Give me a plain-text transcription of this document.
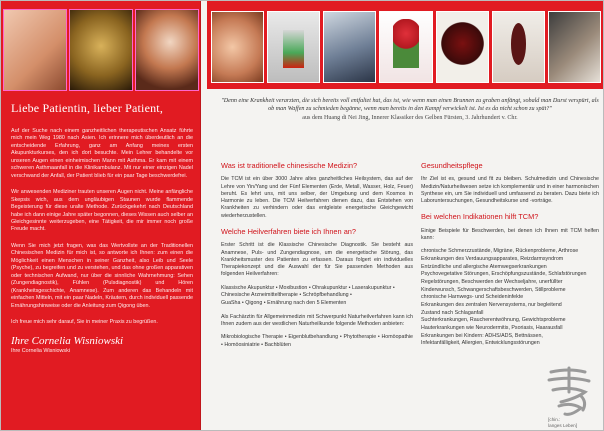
Liebe Patientin, lieber Patient,

Auf der Suche nach einem ganzheitlichen therapeutischen Ansatz führte mich mein Weg 1980 nach Asien. Ich erinnere mich überdeutlich an die entscheidende Erfahrung, ganz am Anfang meines ersten Akupunkturkurses, den ich dort besuchte. Mein Lehrer behandelte vor unseren Augen einen einheimischen Mann mit Asthma. Er kam mit einem schweren Asthmaanfall in die Klinikambulanz. Mit nur einer einzigen Nadel verschwand der Anfall, der Patient blieb für ein paar Tage beschwerdefrei.

Wir anwesenden Mediziner trauten unseren Augen nicht. Meine anfängliche Skepsis wich, aus dem ungläubigen Staunen wurde flammende Begeisterung für diese uralte Methode. Zurückgekehrt nach Deutschland habe ich dann einige Jahre später begonnen, dieses Wissen auch selber an Gleichgesinnte weiterzugeben, eine Tätigkeit, die mir immer noch große Freude macht.

Wenn Sie mich jetzt fragen, was das Wertvollste an der Traditionellen Chinesischen Medizin für mich ist, so antworte ich Ihnen: zum einen die Möglichkeit einen Menschen in seiner Ganzheit, also Leib und Seele (Psyche), zu begreifen und zu verstehen, und das ohne großen apparativen oder technischen Aufwand, nur über die sinnliche Wahrnehmung: Sehen (Zungendiagnostik), Fühlen (Pulsdiagnostik) und Hören (Krankheitsgeschichte, Anamnese). Zum anderen das Behandeln mit einfachen Mitteln, mit ein paar Nadeln, Kräutern, durch individuell passende Ernährungshinweise oder die Anleitung zum Qigong üben.

Ich freue mich sehr darauf, Sie in meiner Praxis zu begrüßen.

Ihre Cornelia Wisniowski
Ihre Cornelia Wisniowski
"Denn eine Krankheit verarzten, die sich bereits voll entfaltet hat, das ist, wie wenn man einen Brunnen zu graben anfängt, sobald man Durst verspürt, als ob man Waffen zu schmieden begänne, wenn man bereits in den Kampf verwickelt ist. Ist es da nicht schon zu spät?"
aus dem Huang di Nei Jing, Innerer Klassiker des Gelben Fürsten, 3. Jahrhundert v. Chr.
Was ist traditionelle chinesische Medizin?

Die TCM ist ein über 3000 Jahre altes ganzheitliches Heilsystem, das auf der Lehre von Yin/Yang und der Fünf Elementen (Erde, Metall, Wasser, Holz, Feuer) beruht. Es lehrt uns, mit uns selber, der Umgebung und dem Kosmos in Harmonie zu leben. Die TCM Heilverfahren dienen dazu, das Entstehen von Krankheiten zu verhindern oder das entgleiste energetische Gleichgewicht wiederherzustellen.

Welche Heilverfahren biete ich Ihnen an?

Erster Schritt ist die Klassische Chinesische Diagnostik. Sie besteht aus Anamnese, Puls- und Zungendiagnose, um die energetische Störung, das Krankheitsmuster des Patienten zu erfassen. Daraus folgert ein individuelles Therapiekonzept und die Auswahl der für Sie passenden Methoden aus folgenden Heilverfahren:

Klassische Akupunktur • Moxibustion • Ohrakupunktur • Laserakupunktur • Chinesische Arzneimitteltherapie • Schröpfbehandlung •
GuaSha • Qigong • Ernährung nach den 5 Elementen

Als Fachärztin für Allgemeinmedizin mit Schwerpunkt Naturheilverfahren kann ich Ihnen zudem aus der westlichen Naturheilkunde folgende Methoden anbieten:

Mikrobiologische Therapie • Eigenblutbehandlung • Phytotherapie • Homöopathie • Homöosiniatrie • Bachblüten

Gesundheitspflege

Ihr Ziel ist es, gesund und fit zu bleiben. Schulmedizin und Chinesische Medizin/Naturheilwesen setze ich komplementär und in einer harmonischen Synthese ein, um Sie individuell und umfassend zu beraten. Dazu biete ich Laboruntersuchungen, Gesundheitskurse und -vorträge.

Bei welchen Indikationen hilft TCM?

Einige Beispiele für Beschwerden, bei denen ich Ihnen mit TCM helfen kann:

chronische Schmerzzustände, Migräne, Rückenprobleme, Arthrose
Erkrankungen des Verdauungsapparates, Reizdarmsyndrom
Entzündliche und allergische Atemwegserkrankungen
Psychovegetative Störungen, Erschöpfungszustände, Schlafstörungen
Regelstörungen, Beschwerden der Wechseljahre, unerfüllter
Kinderwunsch, Schwangerschaftsbeschwerden, Stillprobleme
chronische Harnwegs- und Scheideninfekte
Erkrankungen des zentralen Nervensystems, nur begleitend
Zustand nach Schlaganfall
Suchterkrankungen, Raucherentwöhnung, Gewichtsprobleme
Hauterkrankungen wie Neurodermitis, Psoriasis, Haarausfall
Erkrankungen bei Kindern: ADHS/ADS, Bettnässen,
Infektanfälligkeit, Allergien, Entwicklungsstörungen
[chin.:
langes Leben]
